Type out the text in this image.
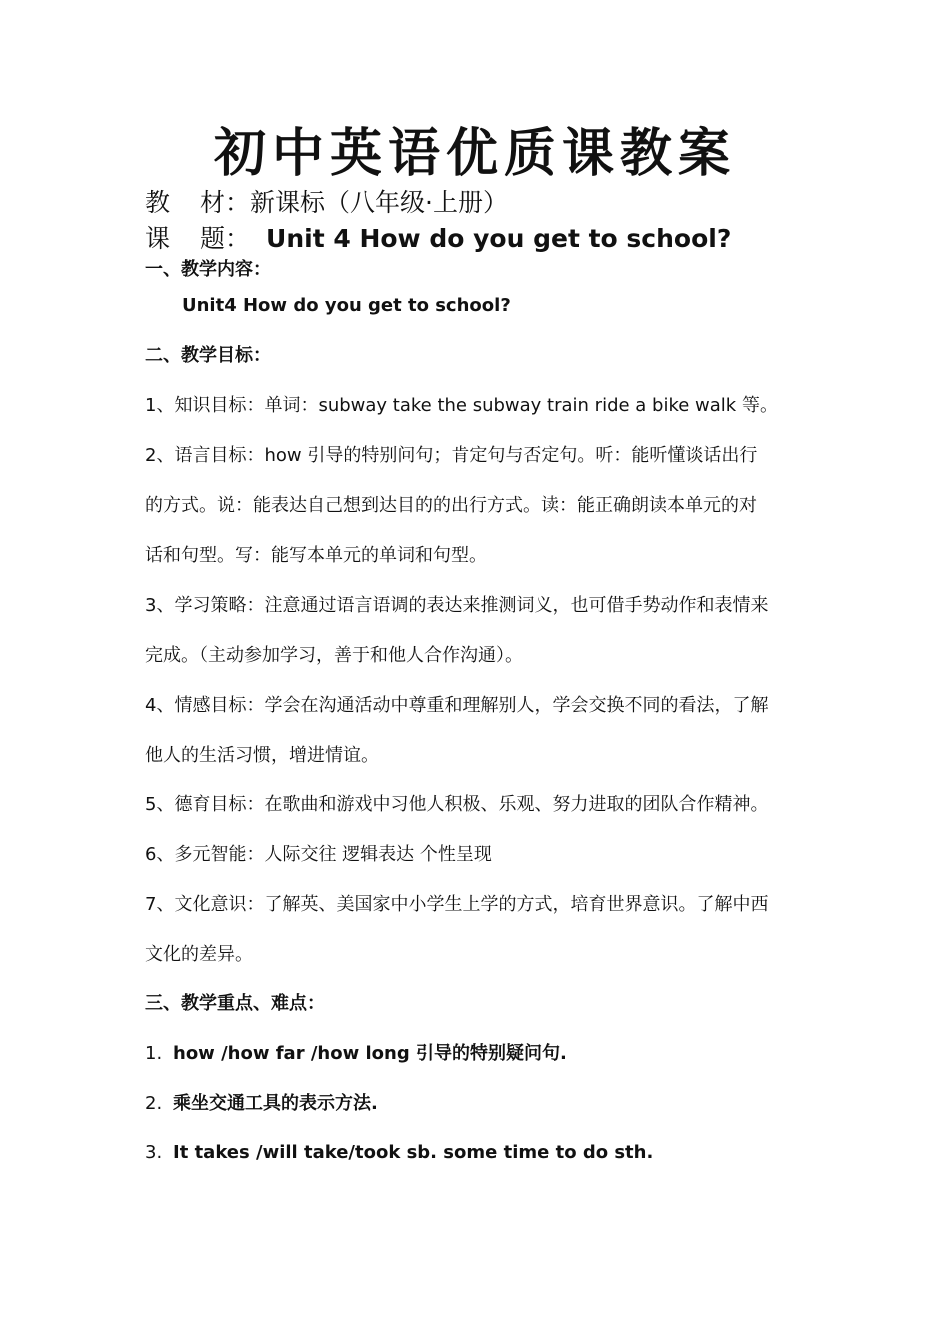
初中英语优质课教案
教 材：新课标（八年级·上册）
课 题： Unit 4 How do you get to school?
一、教学内容：
Unit4 How do you get to school?
二、教学目标：
1、知识目标：单词：subway take the subway train ride a bike walk 等。
2、语言目标：how 引导的特别问句；肯定句与否定句。听：能听懂谈话出行
的方式。说：能表达自己想到达目的的出行方式。读：能正确朗读本单元的对
话和句型。写：能写本单元的单词和句型。
3、学习策略：注意通过语言语调的表达来推测词义，也可借手势动作和表情来
完成。（主动参加学习，善于和他人合作沟通）。
4、情感目标：学会在沟通活动中尊重和理解别人，学会交换不同的看法，了解
他人的生活习惯，增进情谊。
5、德育目标：在歌曲和游戏中习他人积极、乐观、努力进取的团队合作精神。
6、多元智能：人际交往 逻辑表达 个性呈现
7、文化意识：了解英、美国家中小学生上学的方式，培育世界意识。了解中西
文化的差异。
三、教学重点、难点：
1. how /how far /how long 引导的特别疑问句.
2. 乘坐交通工具的表示方法.
3. It takes /will take/took sb. some time to do sth.
